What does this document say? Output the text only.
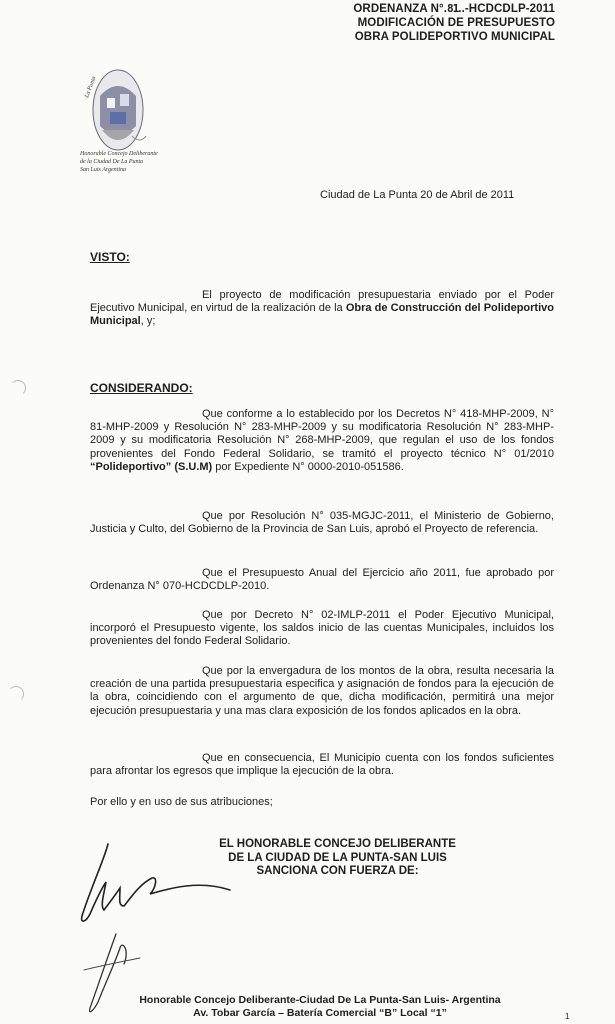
ORDENANZA N°.81..-HCDCDLP-2011
MODIFICACIÓN DE PRESUPUESTO
OBRA POLIDEPORTIVO MUNICIPAL
La Punta
Honorable Concejo Deliberante
de la Ciudad De La Punta
San Luis Argentina
Ciudad de La Punta 20 de Abril de 2011
VISTO:
El proyecto de modificación presupuestaria enviado por el Poder Ejecutivo Municipal, en virtud de la realización de la Obra de Construcción del Polideportivo Municipal, y;
CONSIDERANDO:
Que conforme a lo establecido por los Decretos N° 418-MHP-2009, N° 81-MHP-2009 y Resolución N° 283-MHP-2009 y su modificatoria Resolución N° 283-MHP-2009 y su modificatoria Resolución N° 268-MHP-2009, que regulan el uso de los fondos provenientes del Fondo Federal Solidario, se tramitó el proyecto técnico N° 01/2010 “Polideportivo” (S.U.M) por Expediente N° 0000-2010-051586.
Que por Resolución N° 035-MGJC-2011, el Ministerio de Gobierno, Justicia y Culto, del Gobierno de la Provincia de San Luis, aprobó el Proyecto de referencia.
Que el Presupuesto Anual del Ejercicio año 2011, fue aprobado por Ordenanza N° 070-HCDCDLP-2010.
Que por Decreto N° 02-IMLP-2011 el Poder Ejecutivo Municipal, incorporó el Presupuesto vigente, los saldos inicio de las cuentas Municipales, incluidos los provenientes del fondo Federal Solidario.
Que por la envergadura de los montos de la obra, resulta necesaria la creación de una partida presupuestaria especifica y asignación de fondos para la ejecución de la obra, coincidiendo con el argumento de que, dicha modificación, permitirá una mejor ejecución presupuestaria y una mas clara exposición de los fondos aplicados en la obra.
Que en consecuencia, El Municipio cuenta con los fondos suficientes para afrontar los egresos que implique la ejecución de la obra.
Por ello y en uso de sus atribuciones;
EL HONORABLE CONCEJO DELIBERANTE
DE LA CIUDAD DE LA PUNTA-SAN LUIS
SANCIONA CON FUERZA DE:
Honorable Concejo Deliberante-Ciudad De La Punta-San Luis- Argentina
Av. Tobar García – Batería Comercial “B” Local “1”	1
